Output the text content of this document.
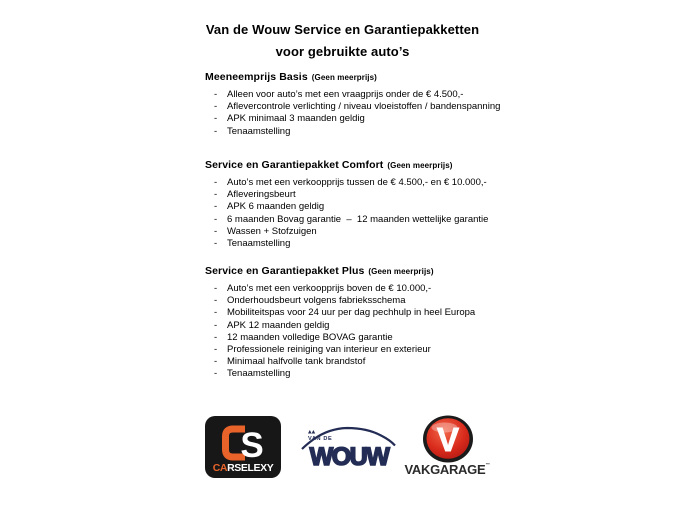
Van de Wouw Service en Garantiepakketten
voor gebruikte auto’s
Meeneemprijs Basis (Geen meerprijs)
- Alleen voor auto’s met een vraagprijs onder de € 4.500,-
- Aflevercontrole verlichting / niveau vloeistoffen / bandenspanning
- APK minimaal 3 maanden geldig
- Tenaamstelling
Service en Garantiepakket Comfort (Geen meerprijs)
- Auto’s met een verkoopprijs tussen de € 4.500,- en € 10.000,-
- Afleveringsbeurt
- APK 6 maanden geldig
- 6 maanden Bovag garantie  –  12 maanden wettelijke garantie
- Wassen + Stofzuigen
- Tenaamstelling
Service en Garantiepakket Plus (Geen meerprijs)
- Auto’s met een verkoopprijs boven de € 10.000,-
- Onderhoudsbeurt volgens fabrieksschema
- Mobiliteitspas voor 24 uur per dag pechhulp in heel Europa
- APK 12 maanden geldig
- 12 maanden volledige BOVAG garantie
- Professionele reiniging van interieur en exterieur
- Minimaal halfvolle tank brandstof
- Tenaamstelling
S
CARSELEXY
VAN DE
WOUW V
VAKGARAGE™
